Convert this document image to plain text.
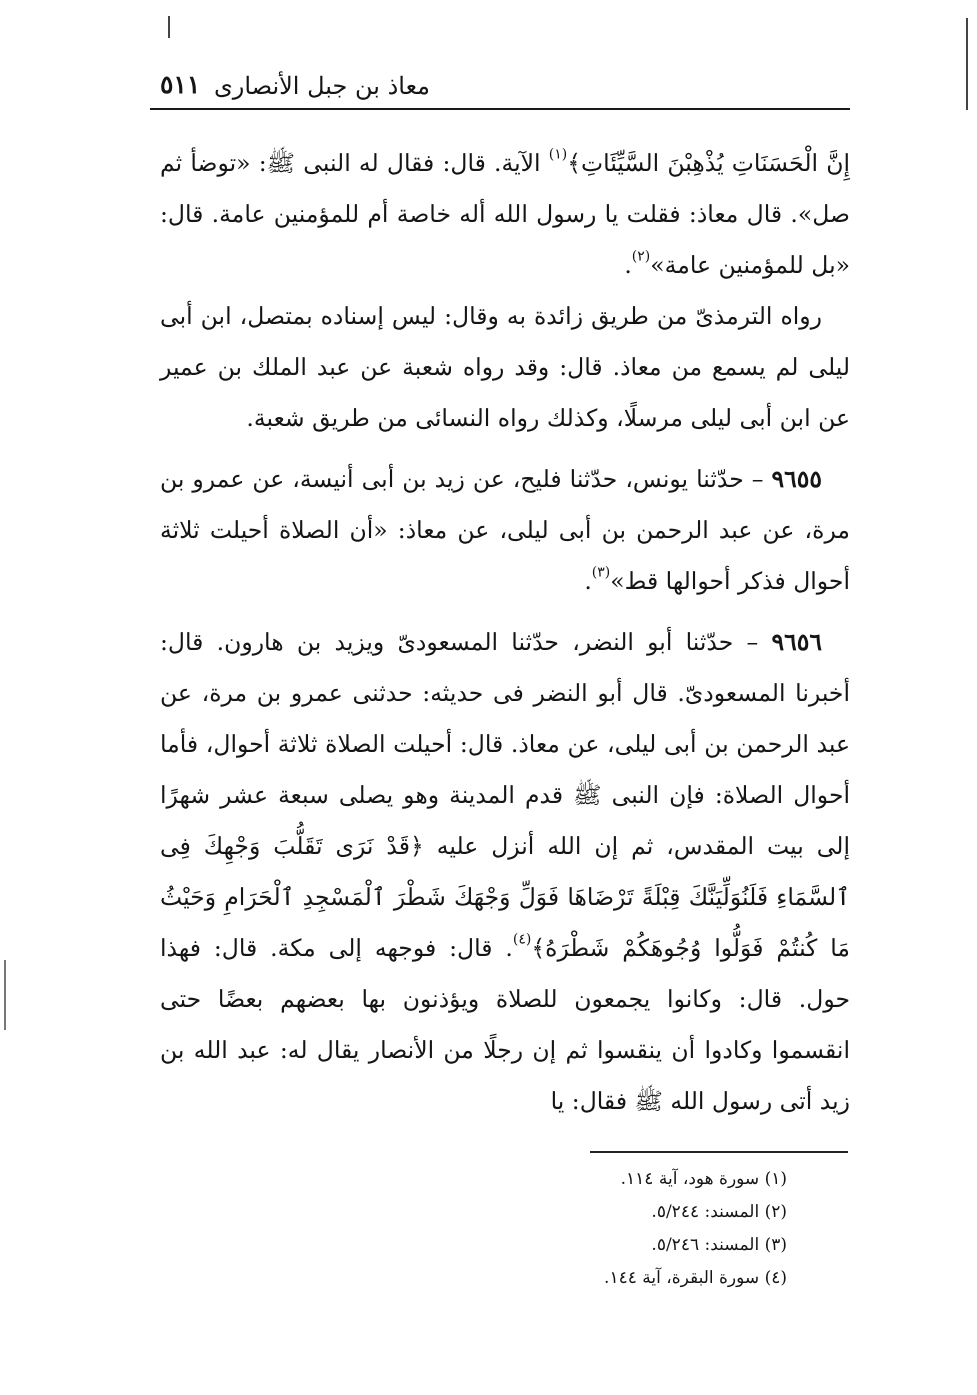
معاذ بن جبل الأنصارى
٥١١

إِنَّ الْحَسَنَاتِ يُذْهِبْنَ السَّيِّئَاتِ﴾$^{(١)}$ الآية. قال: فقال له النبى ﷺ: «توضأ ثم صل». قال معاذ: فقلت يا رسول الله أله خاصة أم للمؤمنين عامة. قال: «بل للمؤمنين عامة»$^{(٢)}$.

رواه الترمذىّ من طريق زائدة به وقال: ليس إسناده بمتصل، ابن أبى ليلى لم يسمع من معاذ. قال: وقد رواه شعبة عن عبد الملك بن عمير عن ابن أبى ليلى مرسلًا، وكذلك رواه النسائى من طريق شعبة.

٩٦٥٥ – حدّثنا يونس، حدّثنا فليح، عن زيد بن أبى أنيسة، عن عمرو بن مرة، عن عبد الرحمن بن أبى ليلى، عن معاذ: «أن الصلاة أحيلت ثلاثة أحوال فذكر أحوالها قط»$^{(٣)}$.

٩٦٥٦ – حدّثنا أبو النضر، حدّثنا المسعودىّ ويزيد بن هارون. قال: أخبرنا المسعودىّ. قال أبو النضر فى حديثه: حدثنى عمرو بن مرة، عن عبد الرحمن بن أبى ليلى، عن معاذ. قال: أحيلت الصلاة ثلاثة أحوال، فأما أحوال الصلاة: فإن النبى ﷺ قدم المدينة وهو يصلى سبعة عشر شهرًا إلى بيت المقدس، ثم إن الله أنزل عليه ﴿قَدْ نَرَى تَقَلُّبَ وَجْهِكَ فِى ٱلسَّمَاءِ فَلَنُوَلِّيَنَّكَ قِبْلَةً تَرْضَاهَا فَوَلِّ وَجْهَكَ شَطْرَ ٱلْمَسْجِدِ ٱلْحَرَامِ وَحَيْثُ مَا كُنتُمْ فَوَلُّوا وُجُوهَكُمْ شَطْرَهُ﴾$^{(٤)}$. قال: فوجهه إلى مكة. قال: فهذا حول. قال: وكانوا يجمعون للصلاة ويؤذنون بها بعضهم بعضًا حتى انقسموا وكادوا أن ينقسوا ثم إن رجلًا من الأنصار يقال له: عبد الله بن زيد أتى رسول الله ﷺ فقال: يا

(١) سورة هود، آية ١١٤.

(٢) المسند: ٥/٢٤٤.

(٣) المسند: ٥/٢٤٦.

(٤) سورة البقرة، آية ١٤٤.
